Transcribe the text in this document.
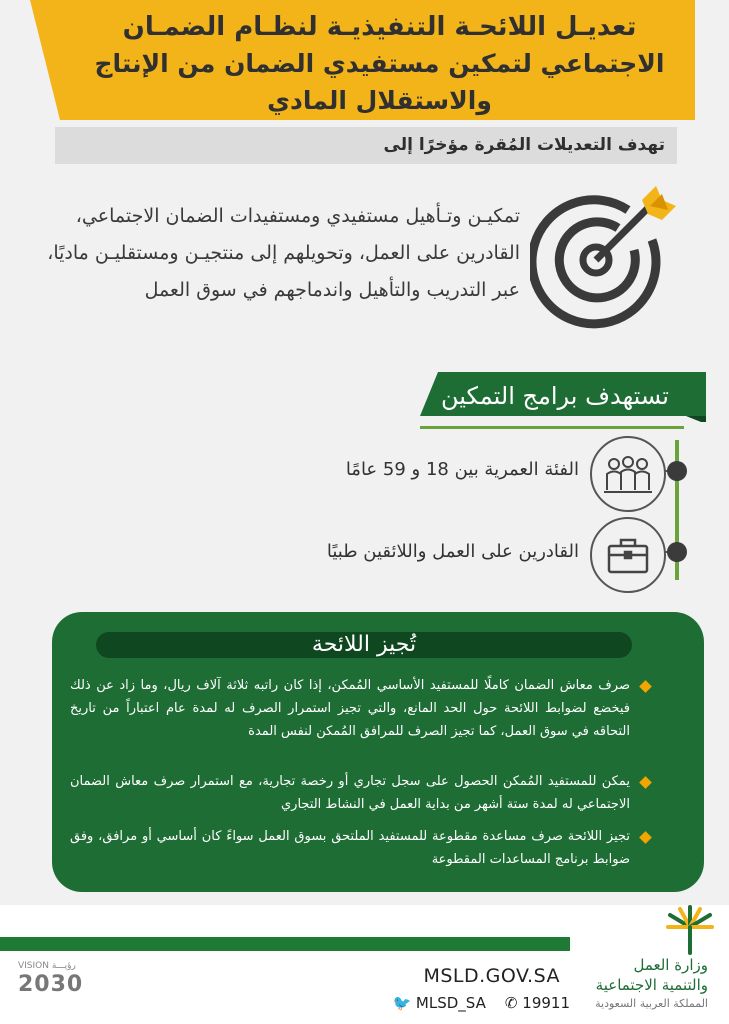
تعديـل اللائحـة التنفيذيـة لنظـام الضمـان
الاجتماعي لتمكين مستفيدي الضمان من الإنتاج
والاستقلال المادي
تهدف التعديلات المُقرة مؤخرًا إلى
تمكيـن وتـأهيل مستفيدي ومستفيدات الضمان الاجتماعي، القادرين على العمل، وتحويلهم إلى منتجيـن ومستقليـن ماديًا، عبر التدريب والتأهيل واندماجهم في سوق العمل
تستهدف برامج التمكين
الفئة العمرية بين 18 و 59 عامًا
القادرين على العمل واللائقين طبيًا
تُجيز اللائحة
صرف معاش الضمان كاملًا للمستفيد الأساسي المُمكن، إذا كان راتبه ثلاثة آلاف ريال، وما زاد عن ذلك فيخضع لضوابط اللائحة حول الحد المانع، والتي تجيز استمرار الصرف له لمدة عام اعتباراً من تاريخ التحاقه في سوق العمل، كما تجيز الصرف للمرافق المُمكن لنفس المدة
يمكن للمستفيد المُمكن الحصول على سجل تجاري أو رخصة تجارية، مع استمرار صرف معاش الضمان الاجتماعي له لمدة ستة أشهر من بداية العمل في النشاط التجاري
تجيز اللائحة صرف مساعدة مقطوعة للمستفيد الملتحق بسوق العمل سواءً كان أساسي أو مرافق، وفق ضوابط برنامج المساعدات المقطوعة
MSLD.GOV.SA
🐦 MLSD_SA ✆ 19911
وزارة العمل
والتنمية الاجتماعية
المملكة العربية السعودية
VISION رؤيـــة
2030
